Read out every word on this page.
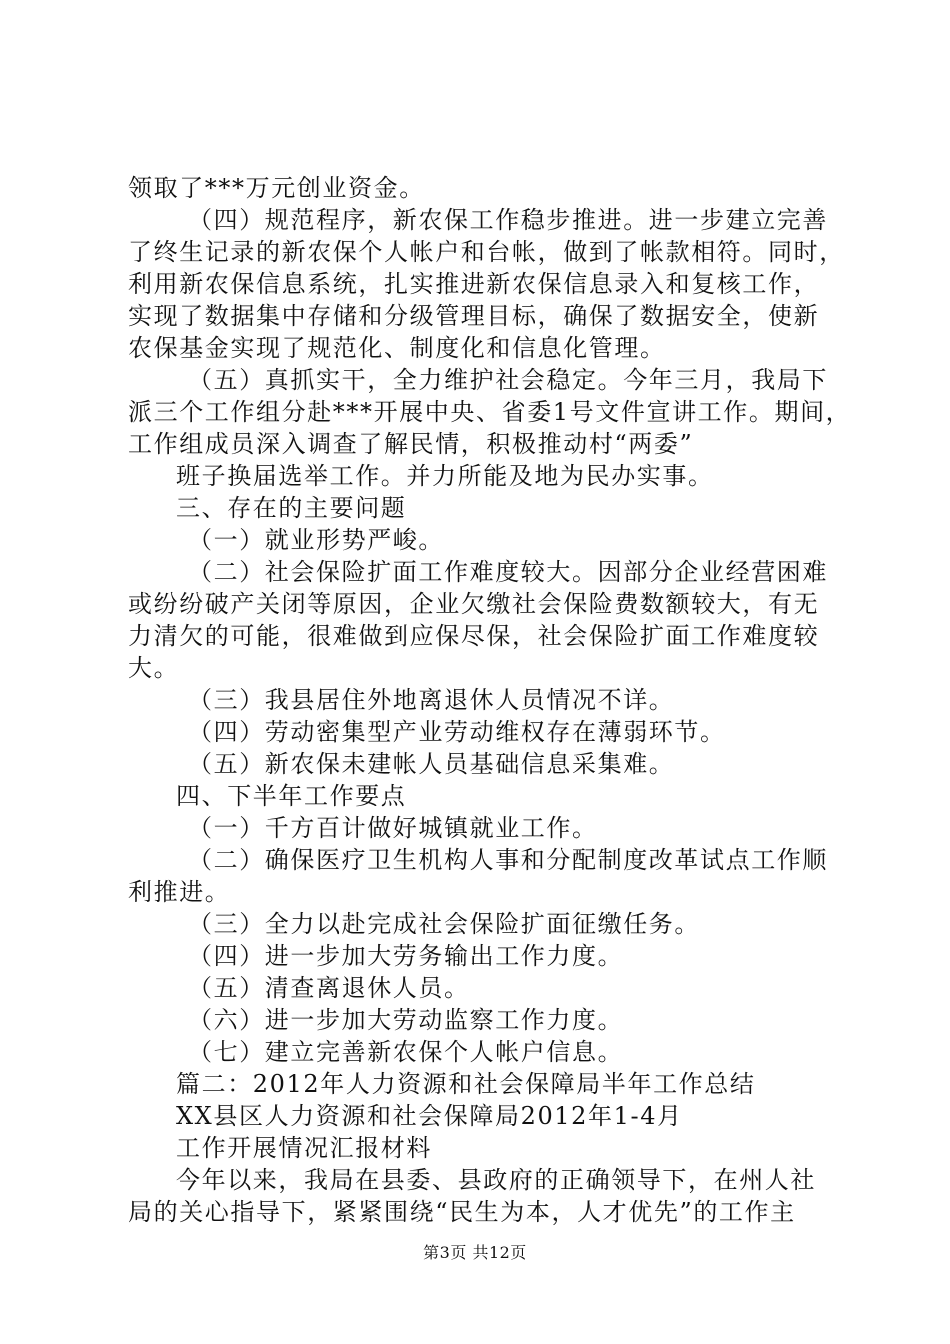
领取了***万元创业资金。
（四）规范程序，新农保工作稳步推进。进一步建立完善
了终生记录的新农保个人帐户和台帐，做到了帐款相符。同时，
利用新农保信息系统，扎实推进新农保信息录入和复核工作，
实现了数据集中存储和分级管理目标，确保了数据安全，使新
农保基金实现了规范化、制度化和信息化管理。
（五）真抓实干，全力维护社会稳定。今年三月，我局下
派三个工作组分赴***开展中央、省委1号文件宣讲工作。期间，
工作组成员深入调查了解民情，积极推动村“两委”
班子换届选举工作。并力所能及地为民办实事。
三、存在的主要问题
（一）就业形势严峻。
（二）社会保险扩面工作难度较大。因部分企业经营困难
或纷纷破产关闭等原因，企业欠缴社会保险费数额较大，有无
力清欠的可能，很难做到应保尽保，社会保险扩面工作难度较
大。
（三）我县居住外地离退休人员情况不详。
（四）劳动密集型产业劳动维权存在薄弱环节。
（五）新农保未建帐人员基础信息采集难。
四、下半年工作要点
（一）千方百计做好城镇就业工作。
（二）确保医疗卫生机构人事和分配制度改革试点工作顺
利推进。
（三）全力以赴完成社会保险扩面征缴任务。
（四）进一步加大劳务输出工作力度。
（五）清查离退休人员。
（六）进一步加大劳动监察工作力度。
（七）建立完善新农保个人帐户信息。
篇二：2012年人力资源和社会保障局半年工作总结
XX县区人力资源和社会保障局2012年1-4月
工作开展情况汇报材料
今年以来，我局在县委、县政府的正确领导下，在州人社
局的关心指导下，紧紧围绕“民生为本，人才优先”的工作主
第3页 共12页
